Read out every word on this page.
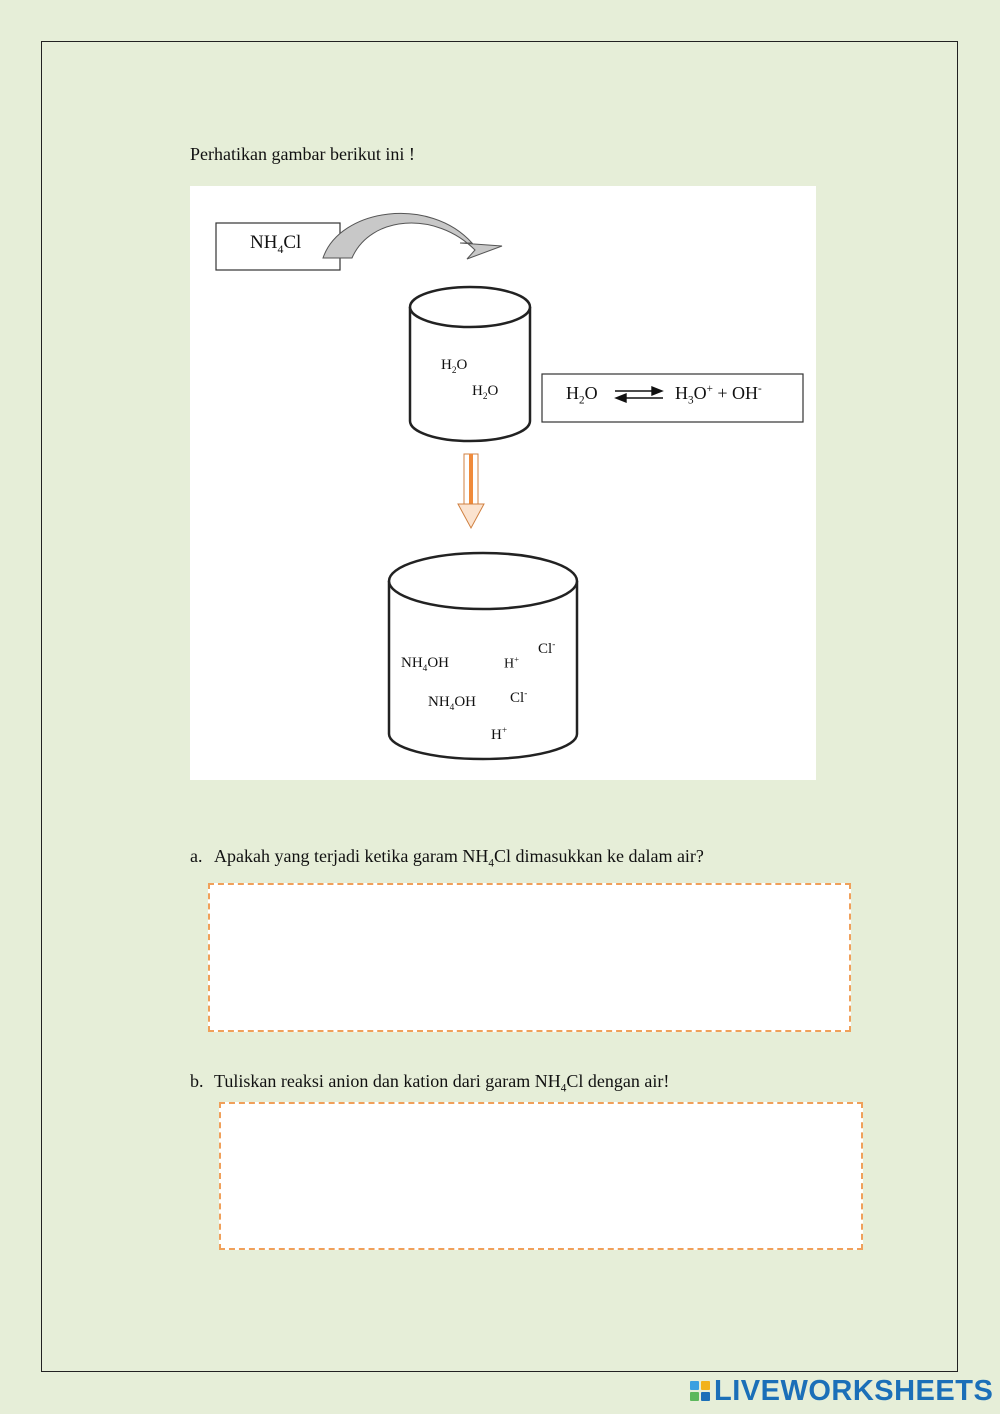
Perhatikan gambar berikut ini !
$NH_4Cl$
$H_2O$
$H_2O$	$H_2O$	$H_3O^+ + OH^-$
Cl-
$NH_4OH$	H+
Cl-
$NH_4OH$
H+
a. Apakah yang terjadi ketika garam $NH_4Cl$ dimasukkan ke dalam air?
b. Tuliskan reaksi anion dan kation dari garam $NH_4Cl$ dengan air!
LIVEWORKSHEETS
